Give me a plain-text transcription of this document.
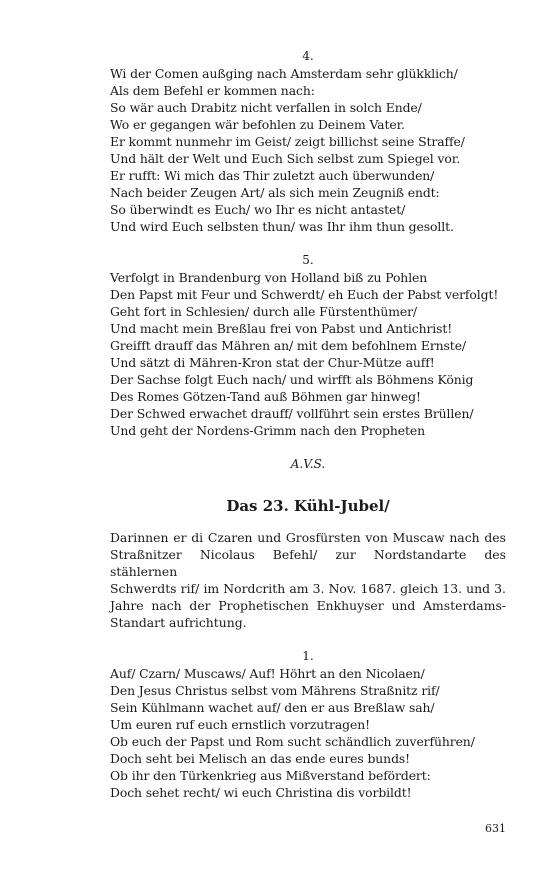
4.

Wi der Comen außging nach Amsterdam sehr glükklich/

Als dem Befehl er kommen nach:

So wär auch Drabitz nicht verfallen in solch Ende/

Wo er gegangen wär befohlen zu Deinem Vater.

Er kommt nunmehr im Geist/ zeigt billichst seine Straffe/

Und hält der Welt und Euch Sich selbst zum Spiegel vor.

Er rufft: Wi mich das Thir zuletzt auch überwunden/

Nach beider Zeugen Art/ als sich mein Zeugniß endt:

So überwindt es Euch/ wo Ihr es nicht antastet/

Und wird Euch selbsten thun/ was Ihr ihm thun gesollt.

5.

Verfolgt in Brandenburg von Holland biß zu Pohlen

Den Papst mit Feur und Schwerdt/ eh Euch der Pabst verfolgt!

Geht fort in Schlesien/ durch alle Fürstenthümer/

Und macht mein Breßlau frei von Pabst und Antichrist!

Greifft drauff das Mähren an/ mit dem befohlnem Ernste/

Und sätzt di Mähren-Kron stat der Chur-Mütze auff!

Der Sachse folgt Euch nach/ und wirfft als Böhmens König

Des Romes Götzen-Tand auß Böhmen gar hinweg!

Der Schwed erwachet drauff/ vollführt sein erstes Brüllen/

Und geht der Nordens-Grimm nach den Propheten

A.V.S.

Das 23. Kühl-Jubel/

Darinnen er di Czaren und Grosfürsten von Muscaw nach des
Straßnitzer Nicolaus Befehl/ zur Nordstandarte des stählernen
Schwerdts rif/ im Nordcrith am 3. Nov. 1687. gleich 13. und 3.
Jahre nach der Prophetischen Enkhuyser und Amsterdams-
Standart aufrichtung.

1.

Auf/ Czarn/ Muscaws/ Auf! Höhrt an den Nicolaen/

Den Jesus Christus selbst vom Mährens Straßnitz rif/

Sein Kühlmann wachet auf/ den er aus Breßlaw sah/

Um euren ruf euch ernstlich vorzutragen!

Ob euch der Papst und Rom sucht schändlich zuverführen/

Doch seht bei Melisch an das ende eures bunds!

Ob ihr den Türkenkrieg aus Mißverstand befördert:

Doch sehet recht/ wi euch Christina dis vorbildt!

631
